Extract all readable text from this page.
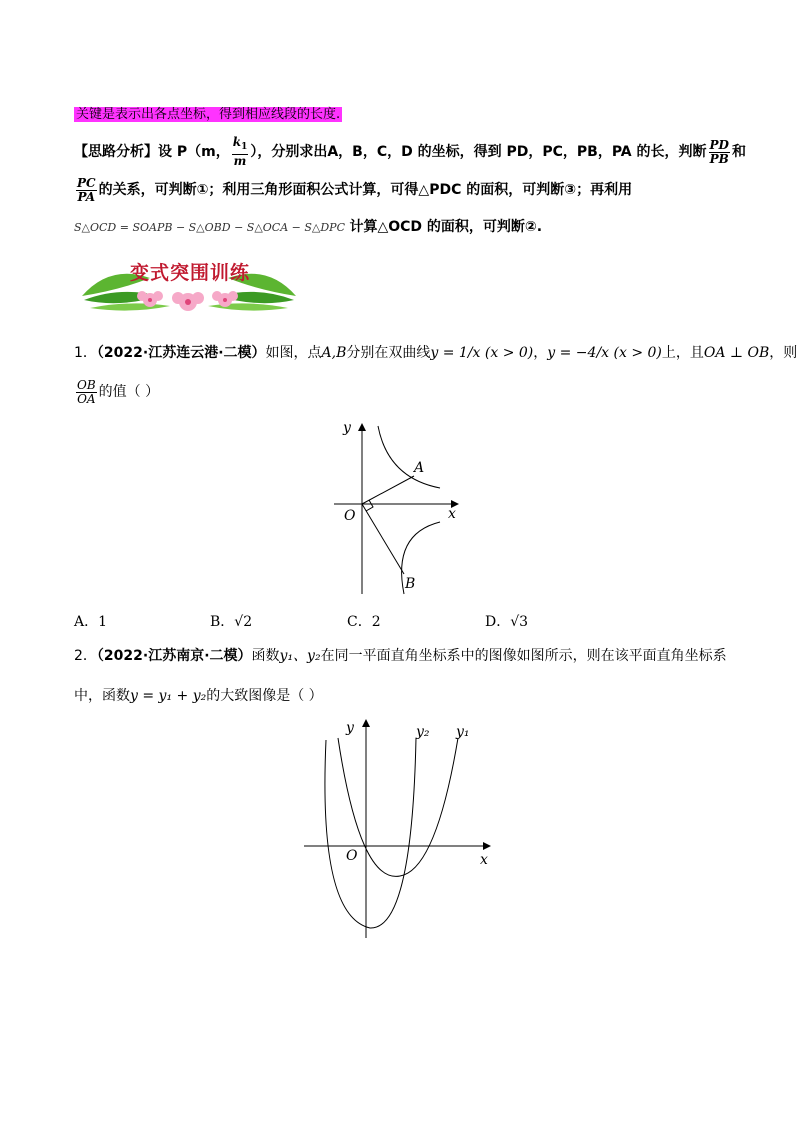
关键是表示出各点坐标，得到相应线段的长度.
【思路分析】设 P（m， $\frac{k_1}{m}$ ），分别求出A，B，C，D 的坐标，得到 PD，PC，PB，PA 的长，判断 $\frac{PD}{PB}$ 和
$\frac{PC}{PA}$ 的关系，可判断①；利用三角形面积公式计算，可得△PDC 的面积，可判断③；再利用
S△OCD = SOAPB − S△OBD − S△OCA − S△DPC 计算△OCD 的面积，可判断②.
变式突围训练
1．（2022·江苏连云港·二模）如图，点A,B分别在双曲线y = 1/x (x > 0)，y = −4/x (x > 0)上，且OA ⊥ OB，则
$\frac{OB}{OA}$ 的值（ ）
y
x
O
A
B
A．1	B．√2	C．2	D．√3
2．（2022·江苏南京·二模）函数y₁、y₂在同一平面直角坐标系中的图像如图所示，则在该平面直角坐标系
中，函数y = y₁ + y₂的大致图像是（ ）
y
x
O
y₂ y₁
